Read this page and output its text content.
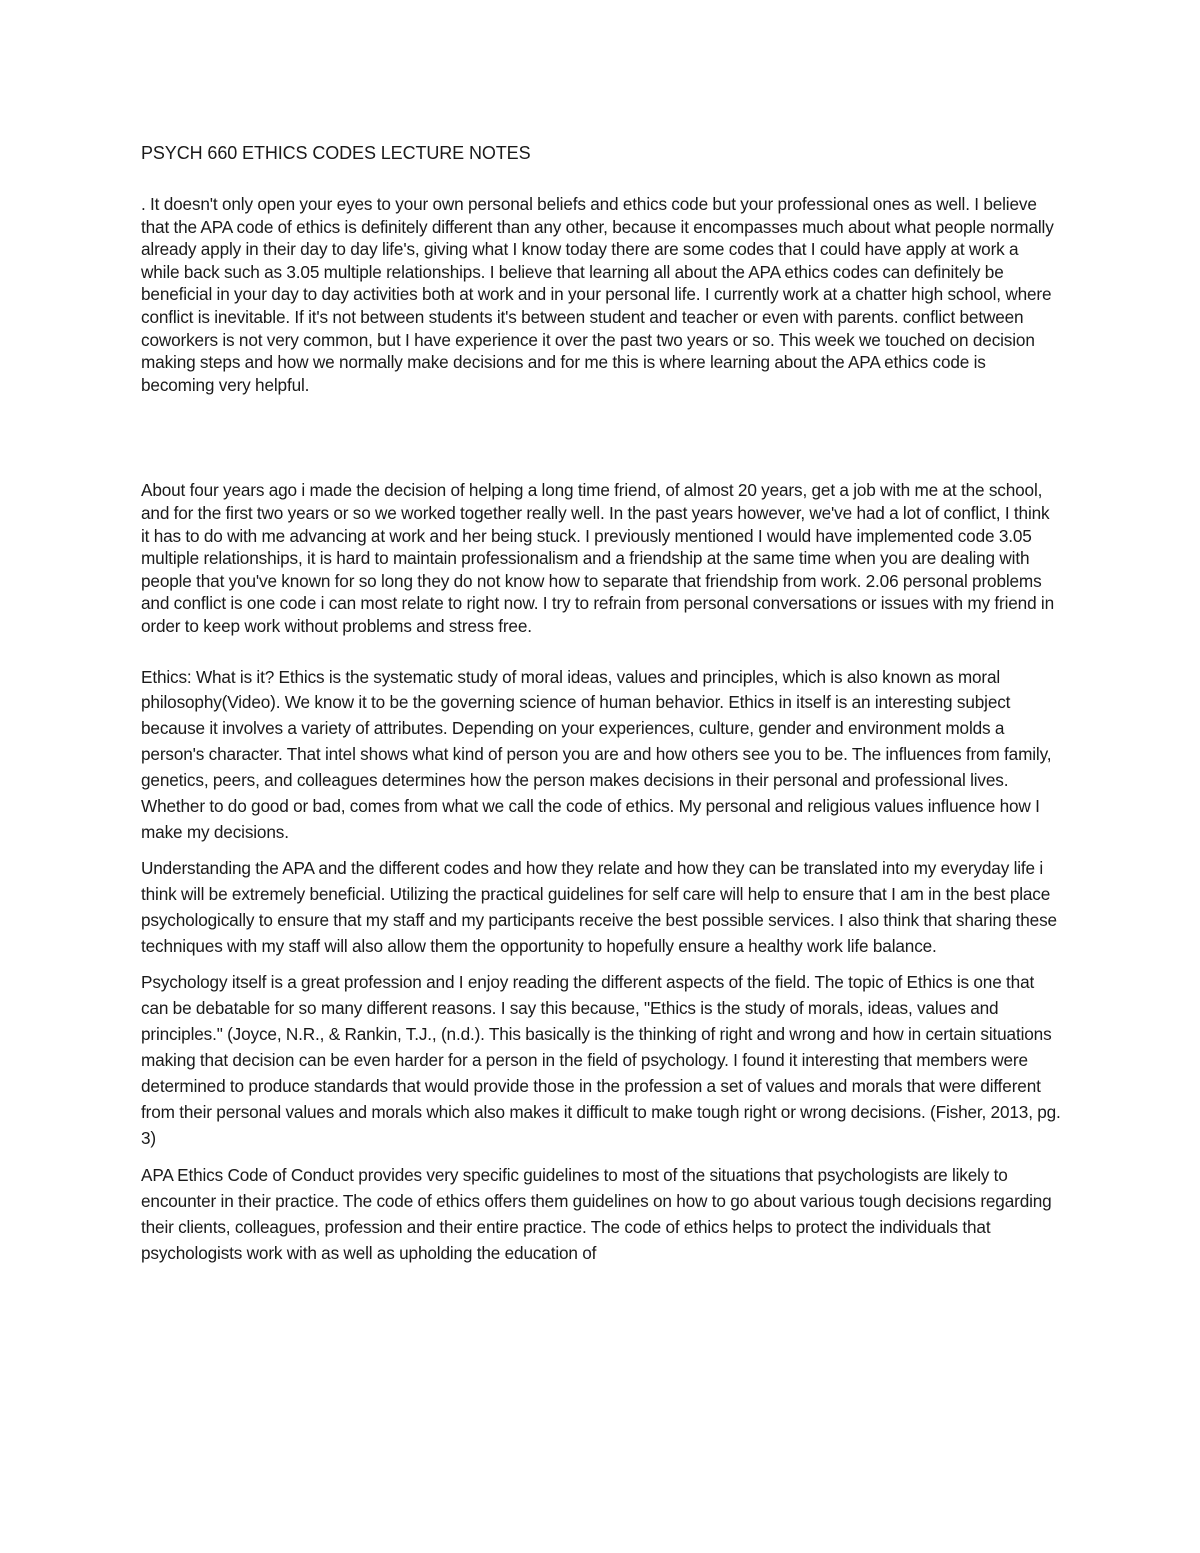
PSYCH 660 ETHICS CODES LECTURE NOTES

. It doesn't only open your eyes to your own personal beliefs and ethics code but your professional ones as well. I believe that the APA code of ethics is definitely different than any other, because it encompasses much about what people normally already apply in their day to day life's, giving what I know today there are some codes that I could have apply at work a while back such as 3.05 multiple relationships. I believe that learning all about the APA ethics codes can definitely be beneficial in your day to day activities both at work and in your personal life. I currently work at a chatter high school, where conflict is inevitable. If it's not between students it's between student and teacher or even with parents. conflict between coworkers is not very common, but I have experience it over the past two years or so. This week we touched on decision making steps and how we normally make decisions and for me this is where learning about the APA ethics code is becoming very helpful.

About four years ago i made the decision of helping a long time friend, of almost 20 years, get a job with me at the school, and for the first two years or so we worked together really well. In the past years however, we've had a lot of conflict, I think it has to do with me advancing at work and her being stuck. I previously mentioned I would have implemented code 3.05 multiple relationships, it is hard to maintain professionalism and a friendship at the same time when you are dealing with people that you've known for so long they do not know how to separate that friendship from work. 2.06 personal problems and conflict is one code i can most relate to right now. I try to refrain from personal conversations or issues with my friend in order to keep work without problems and stress free.

Ethics: What is it? Ethics is the systematic study of moral ideas, values and principles, which is also known as moral philosophy(Video). We know it to be the governing science of human behavior. Ethics in itself is an interesting subject because it involves a variety of attributes. Depending on your experiences, culture, gender and environment molds a person's character. That intel shows what kind of person you are and how others see you to be. The influences from family, genetics, peers, and colleagues determines how the person makes decisions in their personal and professional lives. Whether to do good or bad, comes from what we call the code of ethics. My personal and religious values influence how I make my decisions.

Understanding the APA and the different codes and how they relate and how they can be translated into my everyday life i think will be extremely beneficial. Utilizing the practical guidelines for self care will help to ensure that I am in the best place psychologically to ensure that my staff and my participants receive the best possible services. I also think that sharing these techniques with my staff will also allow them the opportunity to hopefully ensure a healthy work life balance.

Psychology itself is a great profession and I enjoy reading the different aspects of the field. The topic of Ethics is one that can be debatable for so many different reasons. I say this because, "Ethics is the study of morals, ideas, values and principles." (Joyce, N.R., & Rankin, T.J., (n.d.). This basically is the thinking of right and wrong and how in certain situations making that decision can be even harder for a person in the field of psychology. I found it interesting that members were determined to produce standards that would provide those in the profession a set of values and morals that were different from their personal values and morals which also makes it difficult to make tough right or wrong decisions. (Fisher, 2013, pg. 3)

APA Ethics Code of Conduct provides very specific guidelines to most of the situations that psychologists are likely to encounter in their practice. The code of ethics offers them guidelines on how to go about various tough decisions regarding their clients, colleagues, profession and their entire practice. The code of ethics helps to protect the individuals that psychologists work with as well as upholding the education of
